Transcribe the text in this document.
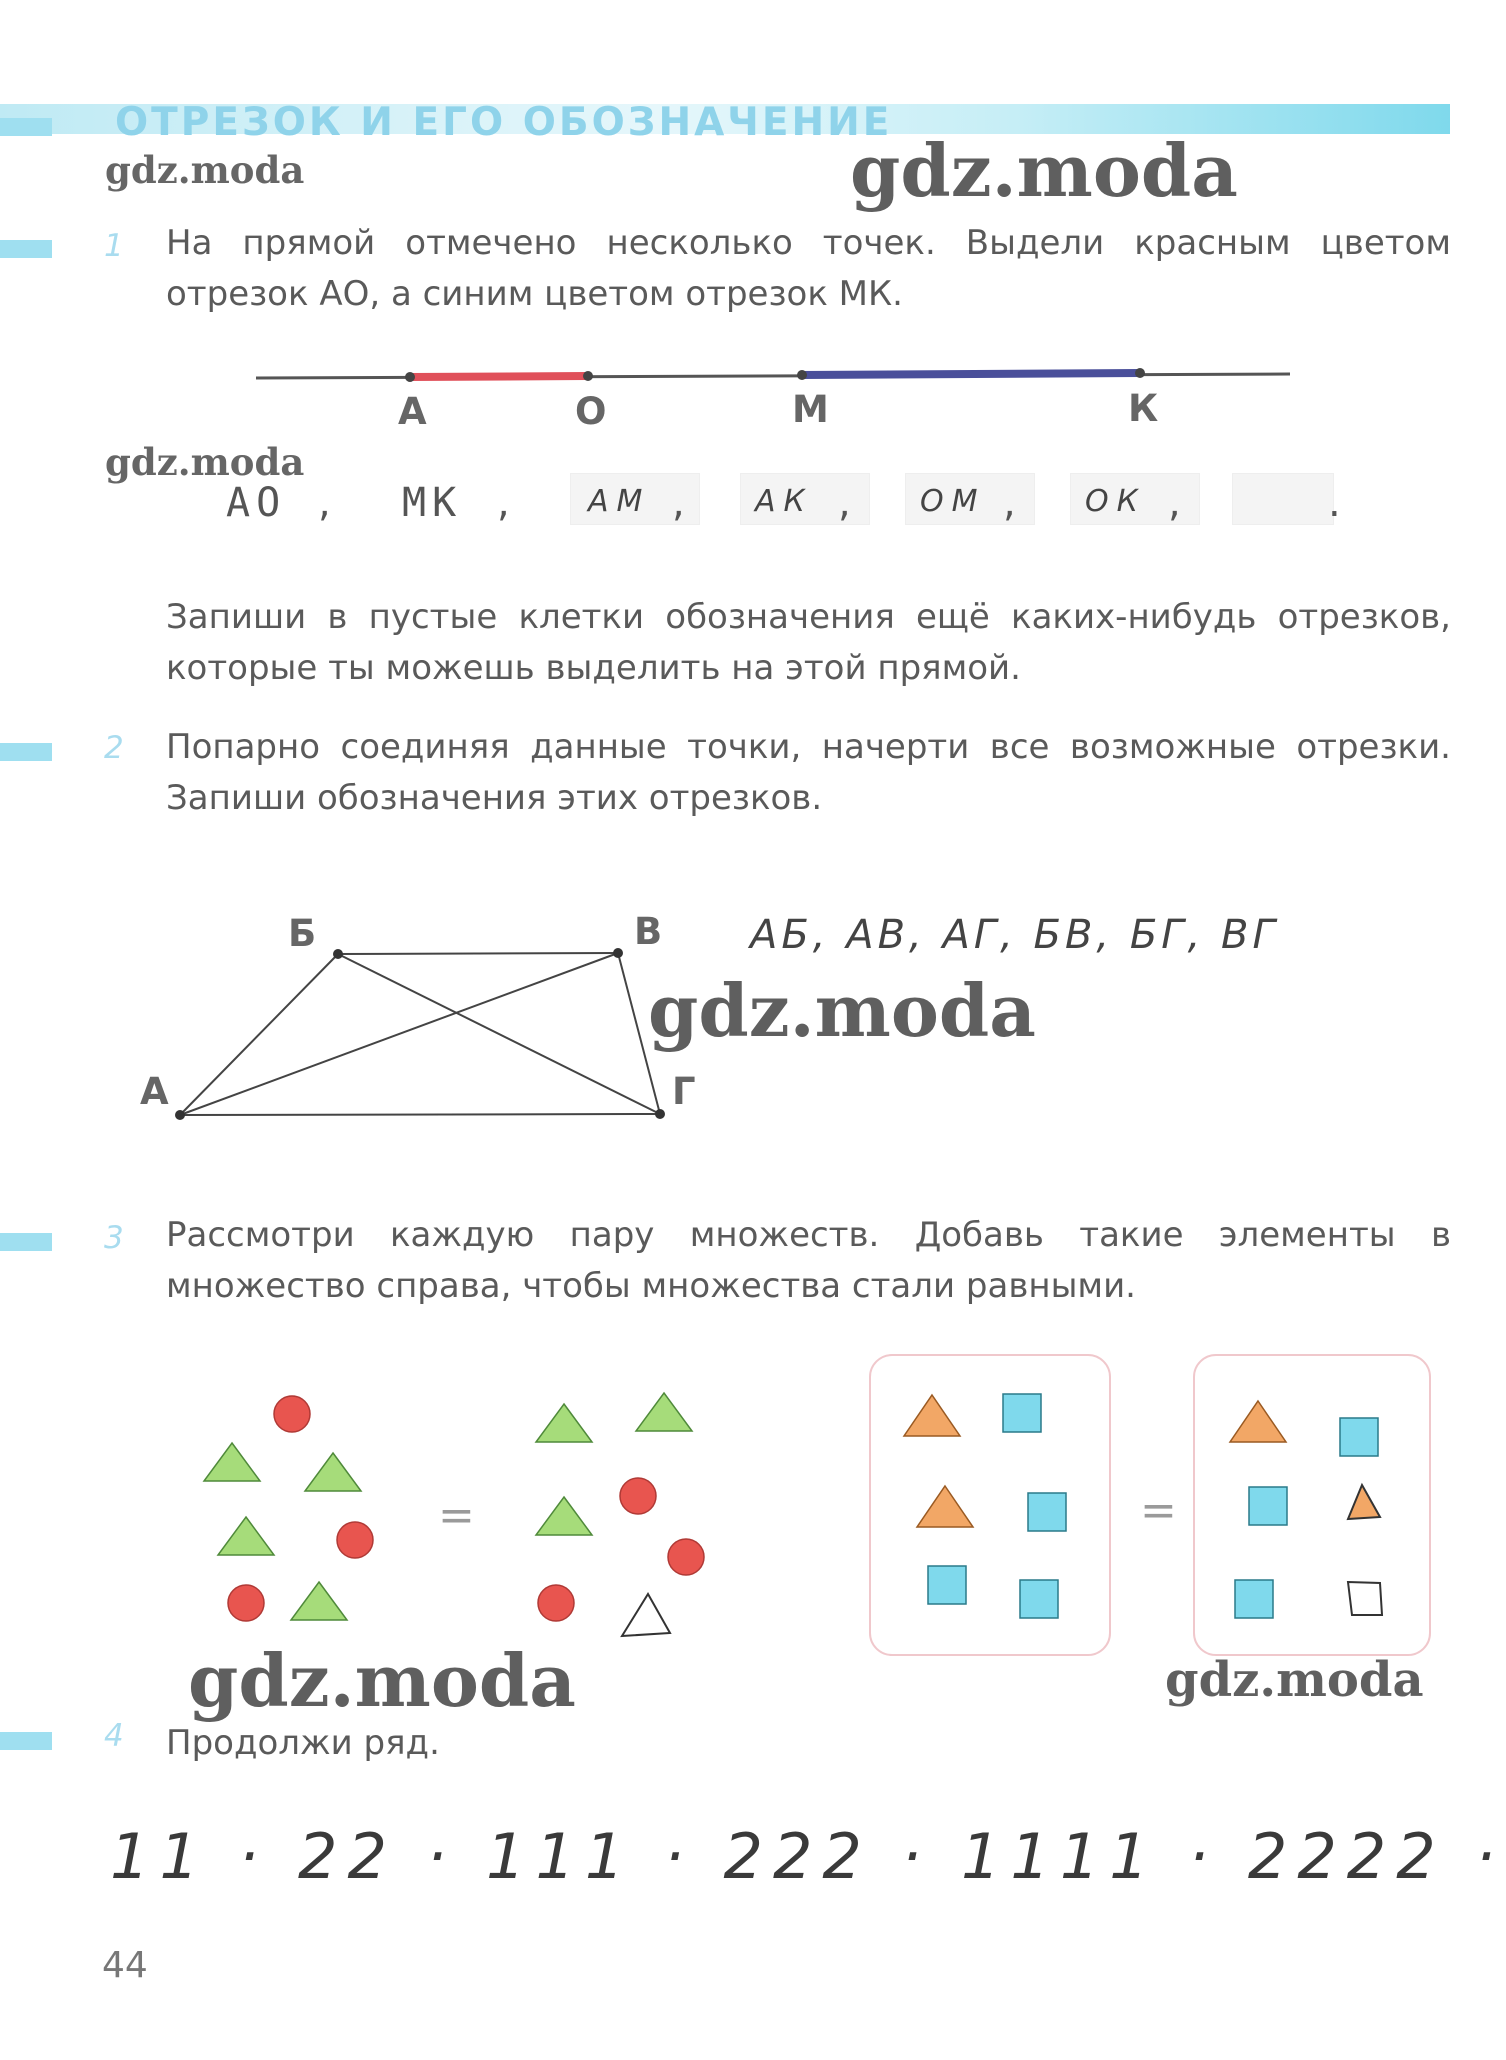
ОТРЕЗОК И ЕГО ОБОЗНАЧЕНИЕ
gdz.moda	gdz.moda
gdz.moda
gdz.moda
gdz.moda	gdz.moda
1 На прямой отмечено несколько точек. Выдели красным цветом отрезок АО, а синим цветом отрезок МК.
А	О	М	К
АО , МК ,	АМ , АК , ОМ , ОК ,	.
Запиши в пустые клетки обозначения ещё каких-нибудь отрезков, которые ты можешь выделить на этой прямой.
2 Попарно соединяя данные точки, начерти все возможные отрезки. Запиши обозначения этих отрезков.
Б	В
А	Г
АБ, АВ, АГ, БВ, БГ, ВГ
3 Рассмотри каждую пару множеств. Добавь такие элементы в множество справа, чтобы множества стали равными.
=	=
4 Продолжи ряд.
11 · 22 · 111 · 222 · 1111 · 2222 ·
44
